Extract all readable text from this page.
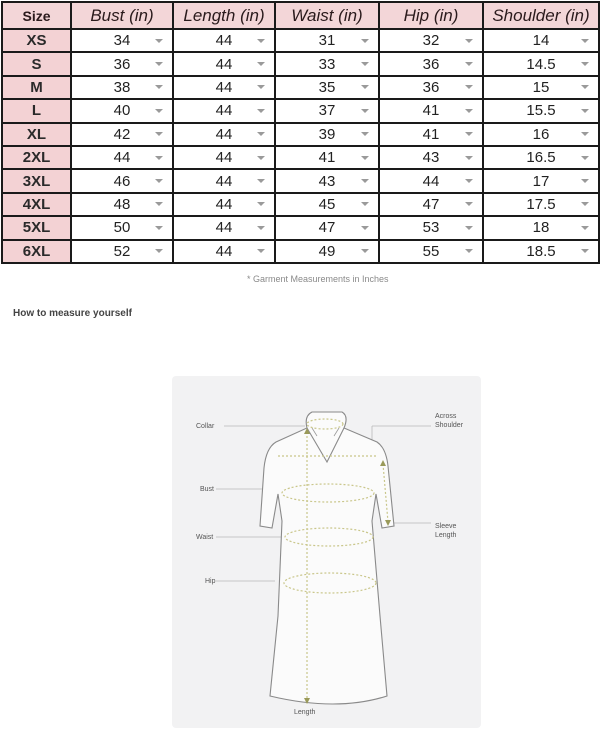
Size	Bust (in)	Length (in)	Waist (in)	Hip (in)	Shoulder (in)
XS	34	44	31	32	14

S	36	44	33	36	14.5

M	38	44	35	36	15

L	40	44	37	41	15.5

XL	42	44	39	41	16

2XL	44	44	41	43	16.5

3XL	46	44	43	44	17

4XL	48	44	45	47	17.5

5XL	50	44	47	53	18

6XL	52	44	49	55	18.5
* Garment Measurements in Inches
How to measure yourself
Collar
Across Shoulder
Bust
Sleeve Length
Waist
Hip
Length
